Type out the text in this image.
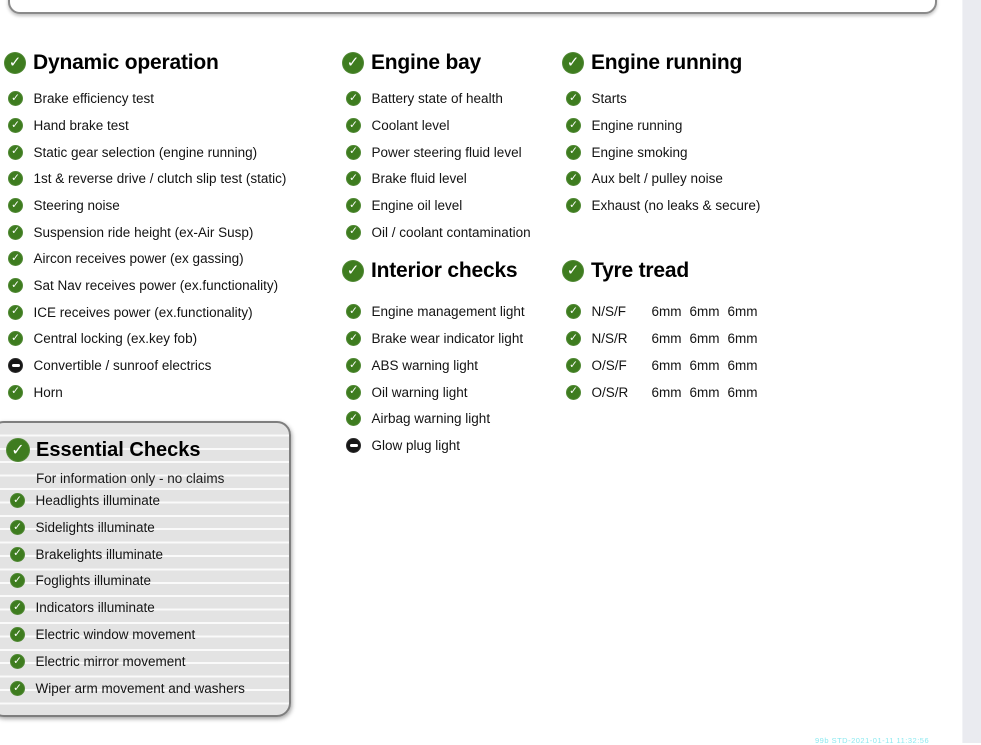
✓
Dynamic operation
✓
Brake efficiency test
✓
Hand brake test
✓
Static gear selection (engine running)
✓
1st & reverse drive / clutch slip test (static)
✓
Steering noise
✓
Suspension ride height (ex-Air Susp)
✓
Aircon receives power (ex gassing)
✓
Sat Nav receives power (ex.functionality)
✓
ICE receives power (ex.functionality)
✓
Central locking (ex.key fob)
Convertible / sunroof electrics
✓
Horn
✓
Essential Checks
For information only - no claims
✓
Headlights illuminate
✓
Sidelights illuminate
✓
Brakelights illuminate
✓
Foglights illuminate
✓
Indicators illuminate
✓
Electric window movement
✓
Electric mirror movement
✓
Wiper arm movement and washers
✓
Engine bay
✓
Battery state of health
✓
Coolant level
✓
Power steering fluid level
✓
Brake fluid level
✓
Engine oil level
✓
Oil / coolant contamination
✓
Interior checks
✓
Engine management light
✓
Brake wear indicator light
✓
ABS warning light
✓
Oil warning light
✓
Airbag warning light
Glow plug light
✓
Engine running
✓
Starts
✓
Engine running
✓
Engine smoking
✓
Aux belt / pulley noise
✓
Exhaust (no leaks & secure)
✓
Tyre tread
✓
N/S/F	6mm 6mm 6mm
✓
N/S/R	6mm 6mm 6mm
✓
O/S/F	6mm 6mm 6mm
✓
O/S/R	6mm 6mm 6mm
99b STD-2021-01-11 11:32:56
